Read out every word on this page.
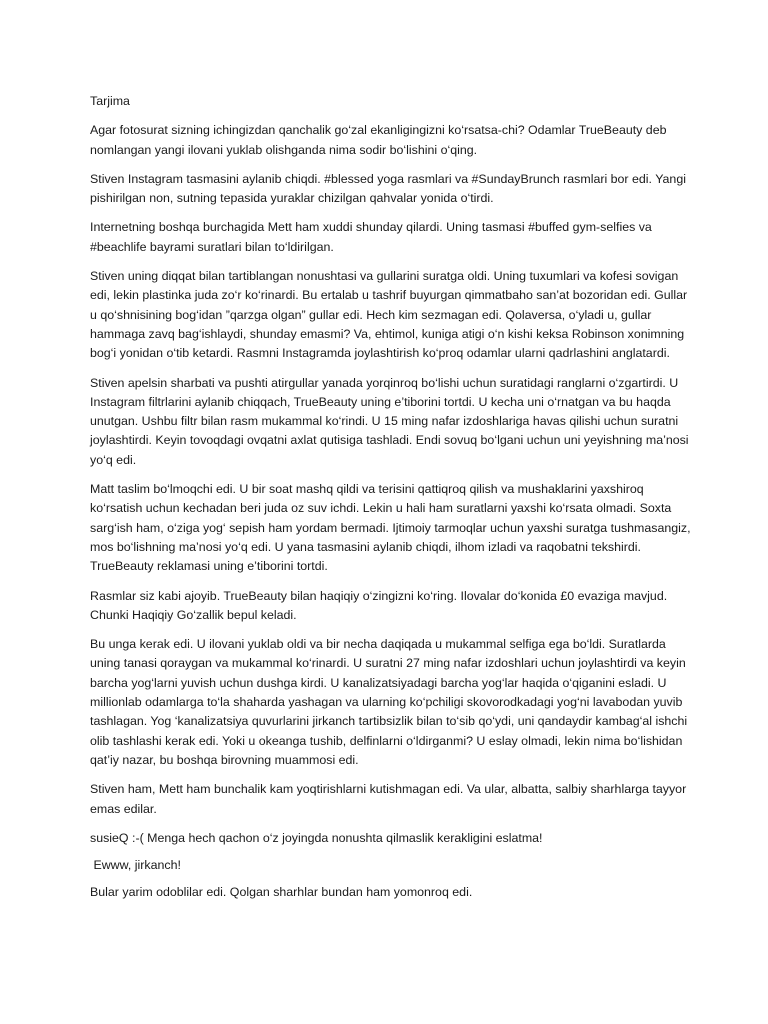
Tarjima

Agar fotosurat sizning ichingizdan qanchalik go‘zal ekanligingizni ko‘rsatsa-chi? Odamlar TrueBeauty deb nomlangan yangi ilovani yuklab olishganda nima sodir bo‘lishini o‘qing.

Stiven Instagram tasmasini aylanib chiqdi. #blessed yoga rasmlari va #SundayBrunch rasmlari bor edi. Yangi pishirilgan non, sutning tepasida yuraklar chizilgan qahvalar yonida o‘tirdi.

Internetning boshqa burchagida Mett ham xuddi shunday qilardi. Uning tasmasi #buffed gym-selfies va #beachlife bayrami suratlari bilan to‘ldirilgan.

Stiven uning diqqat bilan tartiblangan nonushtasi va gullarini suratga oldi. Uning tuxumlari va kofesi sovigan edi, lekin plastinka juda zo‘r ko‘rinardi. Bu ertalab u tashrif buyurgan qimmatbaho san’at bozoridan edi. Gullar u qo‘shnisining bog‘idan ”qarzga olgan” gullar edi. Hech kim sezmagan edi. Qolaversa, o‘yladi u, gullar hammaga zavq bag‘ishlaydi, shunday emasmi? Va, ehtimol, kuniga atigi o‘n kishi keksa Robinson xonimning bog‘i yonidan o‘tib ketardi. Rasmni Instagramda joylashtirish ko‘proq odamlar ularni qadrlashini anglatardi.

Stiven apelsin sharbati va pushti atirgullar yanada yorqinroq bo‘lishi uchun suratidagi ranglarni o‘zgartirdi. U Instagram filtrlarini aylanib chiqqach, TrueBeauty uning e’tiborini tortdi. U kecha uni o‘rnatgan va bu haqda unutgan. Ushbu filtr bilan rasm mukammal ko‘rindi. U 15 ming nafar izdoshlariga havas qilishi uchun suratni joylashtirdi. Keyin tovoqdagi ovqatni axlat qutisiga tashladi. Endi sovuq bo‘lgani uchun uni yeyishning ma’nosi yo‘q edi.

Matt taslim bo‘lmoqchi edi. U bir soat mashq qildi va terisini qattiqroq qilish va mushaklarini yaxshiroq ko‘rsatish uchun kechadan beri juda oz suv ichdi. Lekin u hali ham suratlarni yaxshi ko‘rsata olmadi. Soxta sarg‘ish ham, o‘ziga yog‘ sepish ham yordam bermadi. Ijtimoiy tarmoqlar uchun yaxshi suratga tushmasangiz, mos bo‘lishning ma’nosi yo‘q edi. U yana tasmasini aylanib chiqdi, ilhom izladi va raqobatni tekshirdi. TrueBeauty reklamasi uning e’tiborini tortdi.

Rasmlar siz kabi ajoyib. TrueBeauty bilan haqiqiy o‘zingizni ko‘ring. Ilovalar do‘konida £0 evaziga mavjud. Chunki Haqiqiy Go‘zallik bepul keladi.

Bu unga kerak edi. U ilovani yuklab oldi va bir necha daqiqada u mukammal selfiga ega bo‘ldi. Suratlarda uning tanasi qoraygan va mukammal ko‘rinardi. U suratni 27 ming nafar izdoshlari uchun joylashtirdi va keyin barcha yog‘larni yuvish uchun dushga kirdi. U kanalizatsiyadagi barcha yog‘lar haqida o‘qiganini esladi. U millionlab odamlarga to‘la shaharda yashagan va ularning ko‘pchiligi skovorodkadagi yog‘ni lavabodan yuvib tashlagan. Yog ‘kanalizatsiya quvurlarini jirkanch tartibsizlik bilan to‘sib qo‘ydi, uni qandaydir kambag‘al ishchi olib tashlashi kerak edi. Yoki u okeanga tushib, delfinlarni o‘ldirganmi? U eslay olmadi, lekin nima bo‘lishidan qat’iy nazar, bu boshqa birovning muammosi edi.

Stiven ham, Mett ham bunchalik kam yoqtirishlarni kutishmagan edi. Va ular, albatta, salbiy sharhlarga tayyor emas edilar.

susieQ :-( Menga hech qachon o‘z joyingda nonushta qilmaslik kerakligini eslatma!

Ewww, jirkanch!

Bular yarim odoblilar edi. Qolgan sharhlar bundan ham yomonroq edi.
